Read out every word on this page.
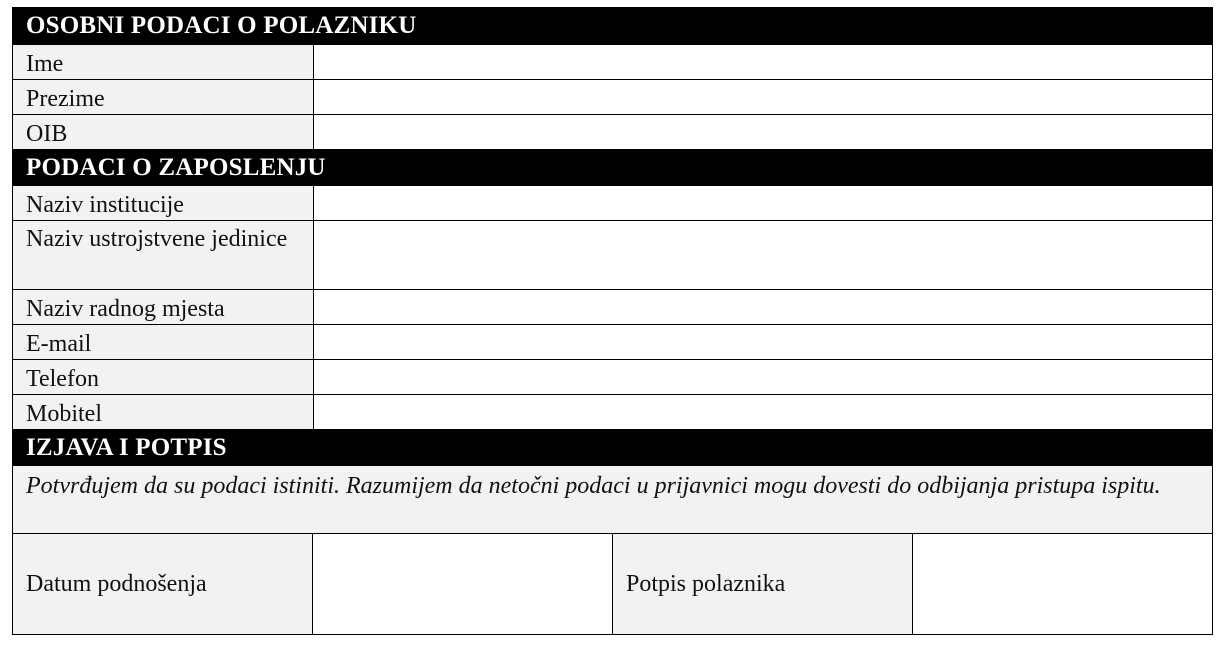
OSOBNI PODACI O POLAZNIKU
Ime
Prezime
OIB
PODACI O ZAPOSLENJU
Naziv institucije
Naziv ustrojstvene jedinice
Naziv radnog mjesta
E-mail
Telefon
Mobitel
IZJAVA I POTPIS
Potvrđujem da su podaci istiniti. Razumijem da netočni podaci u prijavnici mogu dovesti do odbijanja pristupa ispitu.
Datum podnošenja	Potpis polaznika
